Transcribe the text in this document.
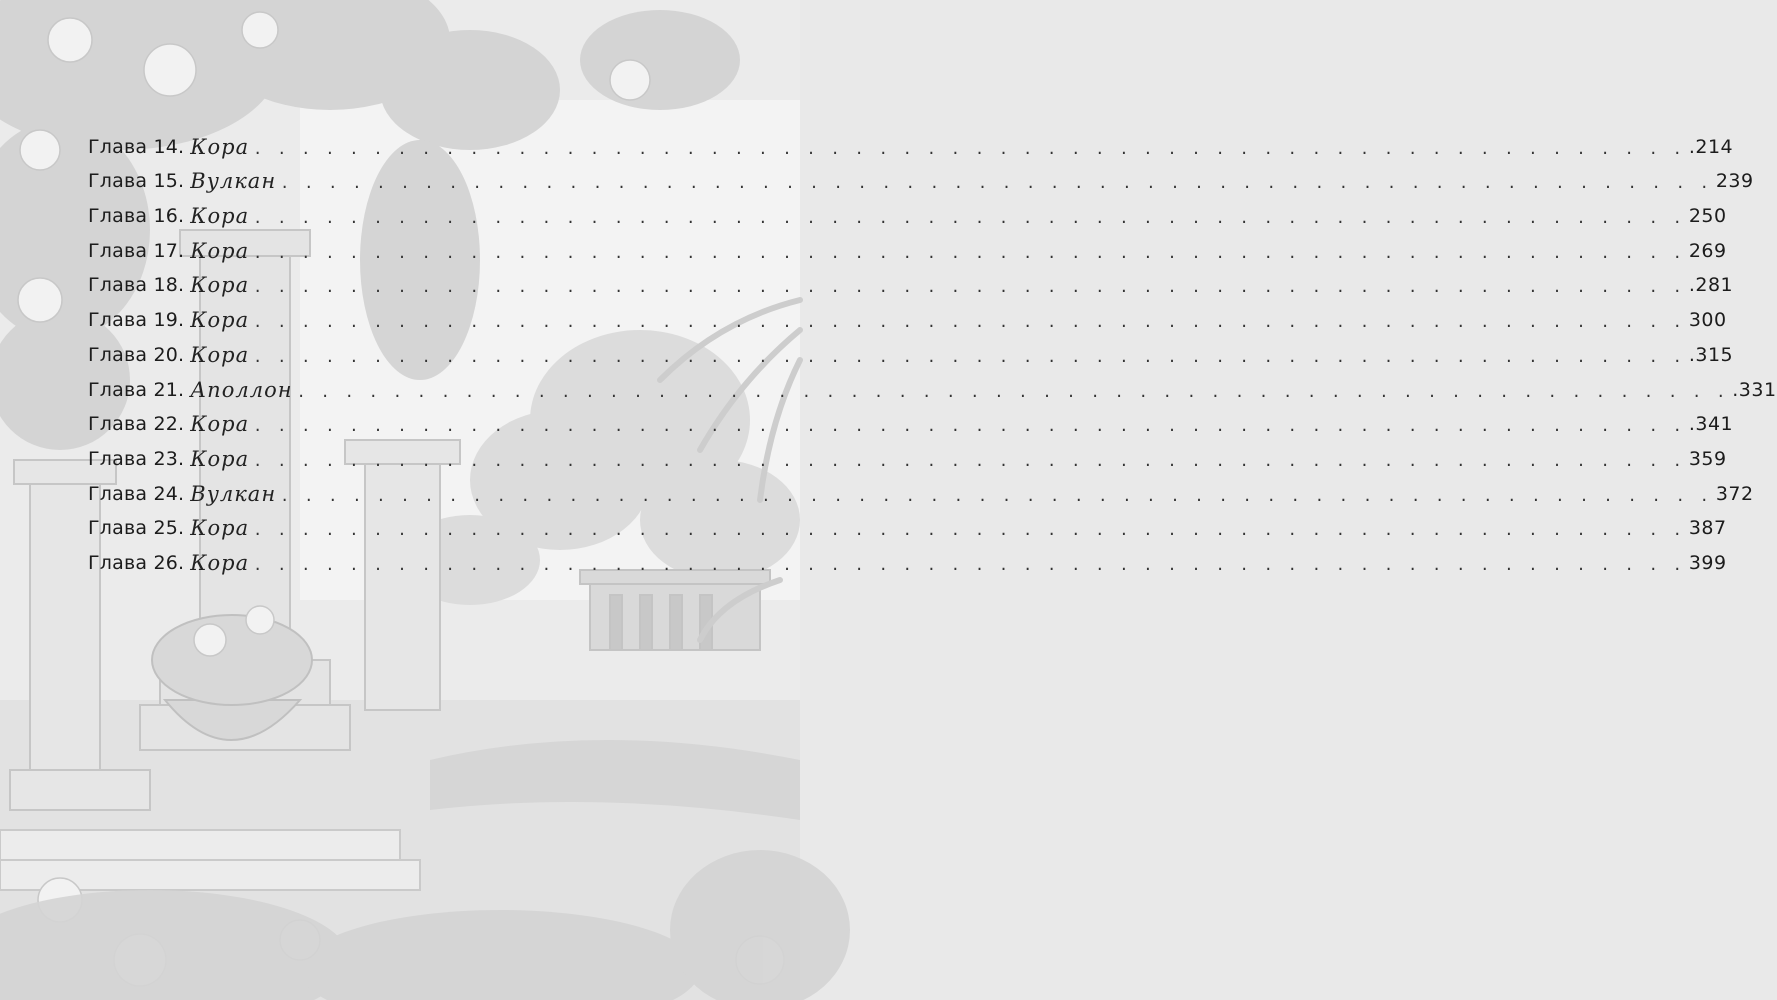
Глава 14. Кора . . . . . . . . . . . . . . . . . . . . . . . . . . . . . . . . . . . . . . . . . . . . . . . . . . . . . . . . . . . . .214
Глава 15. Вулкан . . . . . . . . . . . . . . . . . . . . . . . . . . . . . . . . . . . . . . . . . . . . . . . . . . . . . . . . . . . . 239
Глава 16. Кора . . . . . . . . . . . . . . . . . . . . . . . . . . . . . . . . . . . . . . . . . . . . . . . . . . . . . . . . . . . . 250
Глава 17. Кора . . . . . . . . . . . . . . . . . . . . . . . . . . . . . . . . . . . . . . . . . . . . . . . . . . . . . . . . . . . . 269
Глава 18. Кора . . . . . . . . . . . . . . . . . . . . . . . . . . . . . . . . . . . . . . . . . . . . . . . . . . . . . . . . . . . . .281
Глава 19. Кора . . . . . . . . . . . . . . . . . . . . . . . . . . . . . . . . . . . . . . . . . . . . . . . . . . . . . . . . . . . . 300
Глава 20. Кора . . . . . . . . . . . . . . . . . . . . . . . . . . . . . . . . . . . . . . . . . . . . . . . . . . . . . . . . . . . . .315
Глава 21. Аполлон . . . . . . . . . . . . . . . . . . . . . . . . . . . . . . . . . . . . . . . . . . . . . . . . . . . . . . . . . . . . .331
Глава 22. Кора . . . . . . . . . . . . . . . . . . . . . . . . . . . . . . . . . . . . . . . . . . . . . . . . . . . . . . . . . . . . .341
Глава 23. Кора . . . . . . . . . . . . . . . . . . . . . . . . . . . . . . . . . . . . . . . . . . . . . . . . . . . . . . . . . . . . 359
Глава 24. Вулкан . . . . . . . . . . . . . . . . . . . . . . . . . . . . . . . . . . . . . . . . . . . . . . . . . . . . . . . . . . . . 372
Глава 25. Кора . . . . . . . . . . . . . . . . . . . . . . . . . . . . . . . . . . . . . . . . . . . . . . . . . . . . . . . . . . . . 387
Глава 26. Кора . . . . . . . . . . . . . . . . . . . . . . . . . . . . . . . . . . . . . . . . . . . . . . . . . . . . . . . . . . . . 399
